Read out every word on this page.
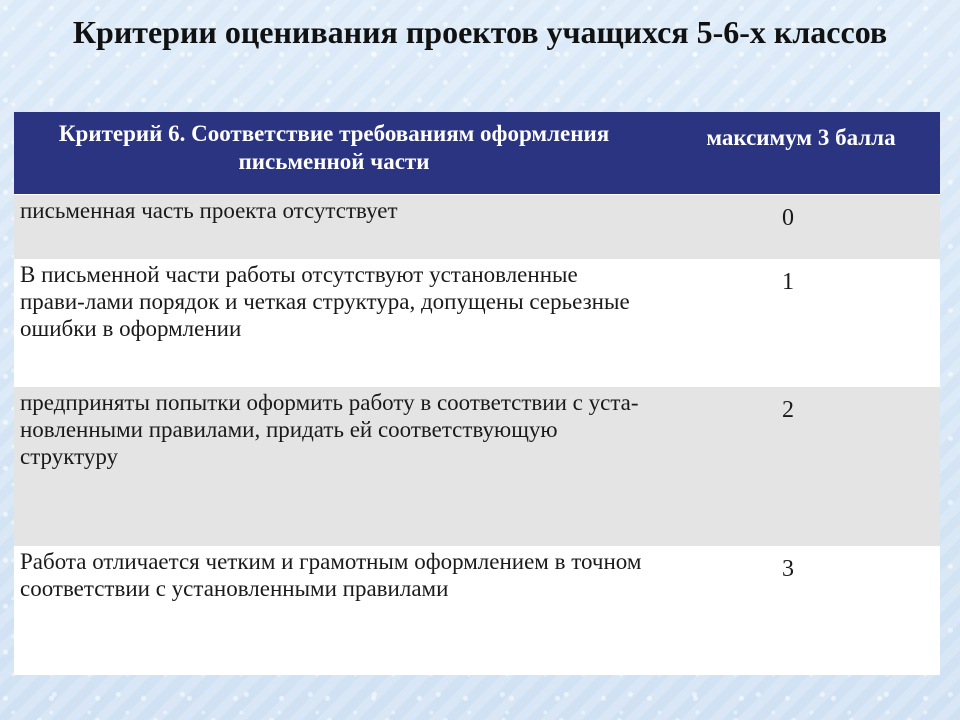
Критерии оценивания проектов учащихся 5-6-х классов
Критерий 6. Соответствие требованиям оформления письменной части
максимум 3 балла
письменная часть проекта отсутствует	0
В письменной части работы отсутствуют установленные прави-лами порядок и четкая структура, допущены серьезные ошибки в оформлении
1
предприняты попытки оформить работу в соответствии с уста-новленными правилами, придать ей соответствующую структуру
2
Работа отличается четким и грамотным оформлением в точном соответствии с установленными правилами
3
